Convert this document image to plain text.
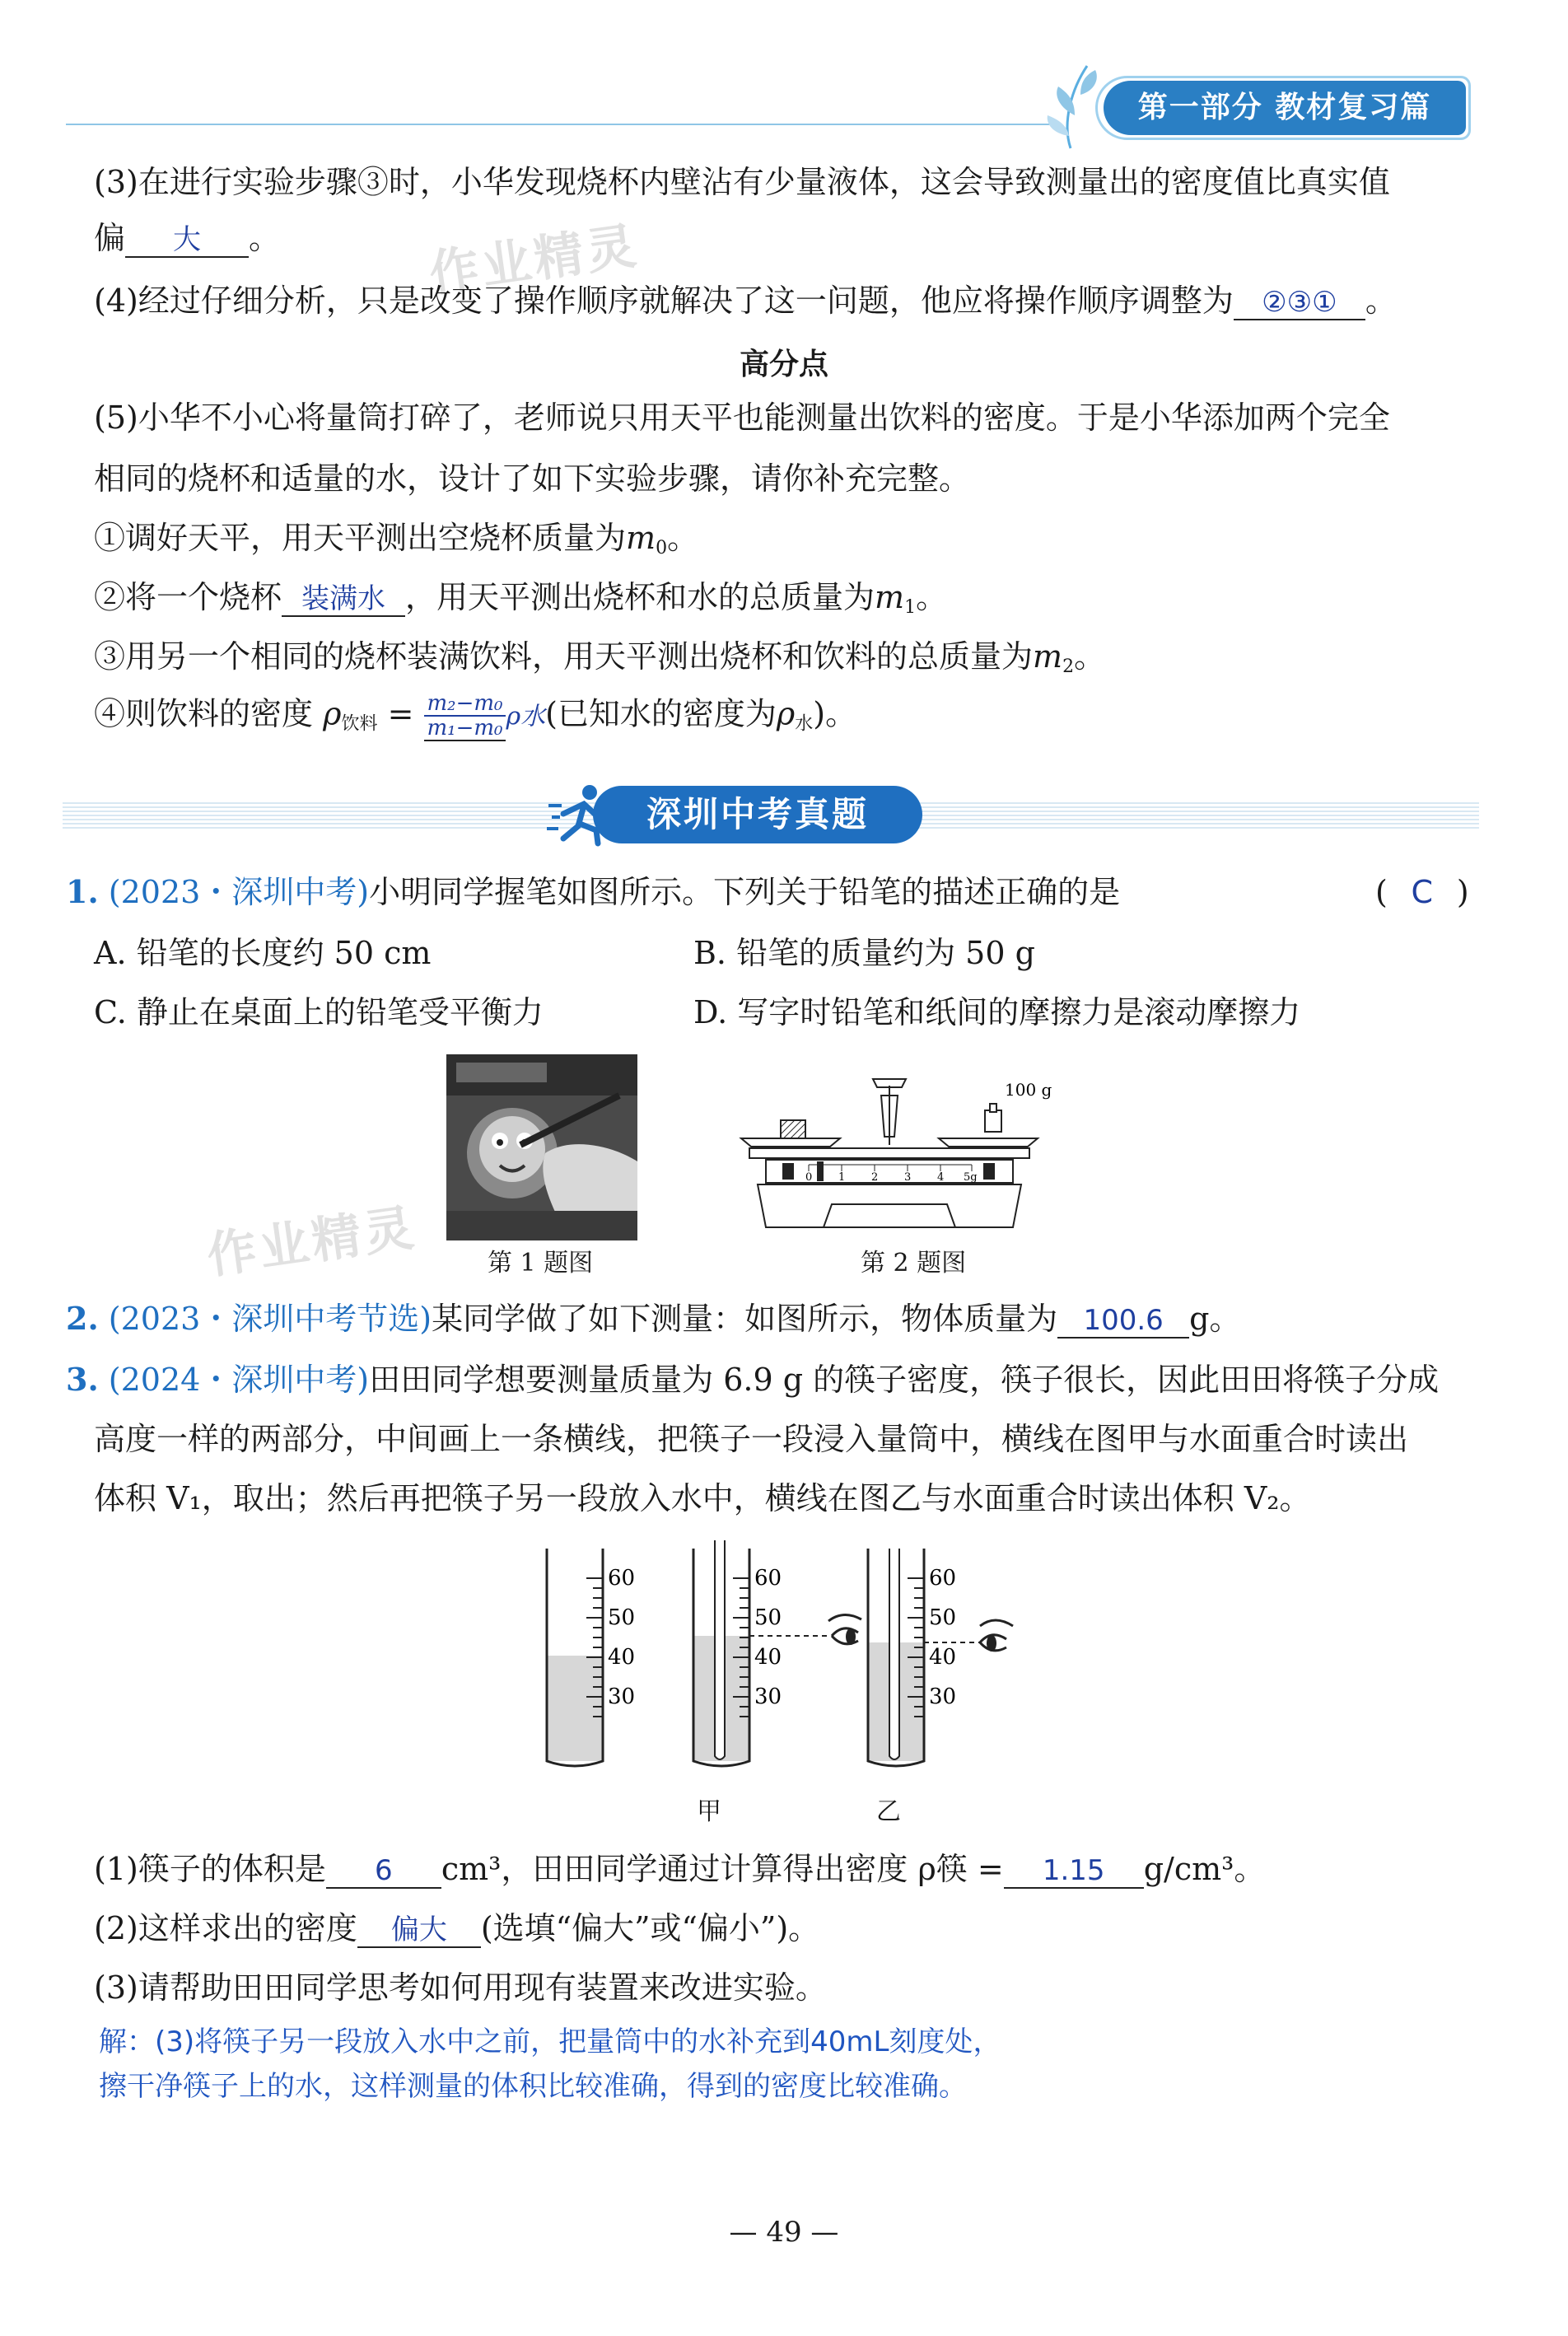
第一部分 教材复习篇
(3)在进行实验步骤③时，小华发现烧杯内壁沾有少量液体，这会导致测量出的密度值比真实值
偏 大 。	作业精灵
(4)经过仔细分析，只是改变了操作顺序就解决了这一问题，他应将操作顺序调整为 ②③① 。
高分点
(5)小华不小心将量筒打碎了，老师说只用天平也能测量出饮料的密度。于是小华添加两个完全
相同的烧杯和适量的水，设计了如下实验步骤，请你补充完整。
①调好天平，用天平测出空烧杯质量为$m_0$。
②将一个烧杯 装满水 ，用天平测出烧杯和水的总质量为$m_1$。
③用另一个相同的烧杯装满饮料，用天平测出烧杯和饮料的总质量为$m_2$。
④则饮料的密度 $\rho_{饮料} = \frac{\text{m₂−m₀}}{\text{m₁−m₀}}$ ρ水(已知水的密度为$\rho_水$)。
深圳中考真题
1. (2023・深圳中考)小明同学握笔如图所示。下列关于铅笔的描述正确的是	( C )
A. 铅笔的长度约 50 cm	B. 铅笔的质量约为 50 g
C. 静止在桌面上的铅笔受平衡力	D. 写字时铅笔和纸间的摩擦力是滚动摩擦力
第 1 题图
作业精灵
100 g
0 1 2 3 4 5g
第 2 题图
2. (2023・深圳中考节选)某同学做了如下测量：如图所示，物体质量为 100.6 g。
3. (2024・深圳中考)田田同学想要测量质量为 6.9 g 的筷子密度，筷子很长，因此田田将筷子分成
高度一样的两部分，中间画上一条横线，把筷子一段浸入量筒中，横线在图甲与水面重合时读出
体积 V₁，取出；然后再把筷子另一段放入水中，横线在图乙与水面重合时读出体积 V₂。
60
50
40
30
60
50
40
30
60
50
40
30
甲	乙
(1)筷子的体积是 6 cm³，田田同学通过计算得出密度 ρ筷 = 1.15 g/cm³。
(2)这样求出的密度 偏大 (选填“偏大”或“偏小”)。
(3)请帮助田田同学思考如何用现有装置来改进实验。
解：(3)将筷子另一段放入水中之前，把量筒中的水补充到40mL刻度处，
擦干净筷子上的水，这样测量的体积比较准确，得到的密度比较准确。
— 49 —
